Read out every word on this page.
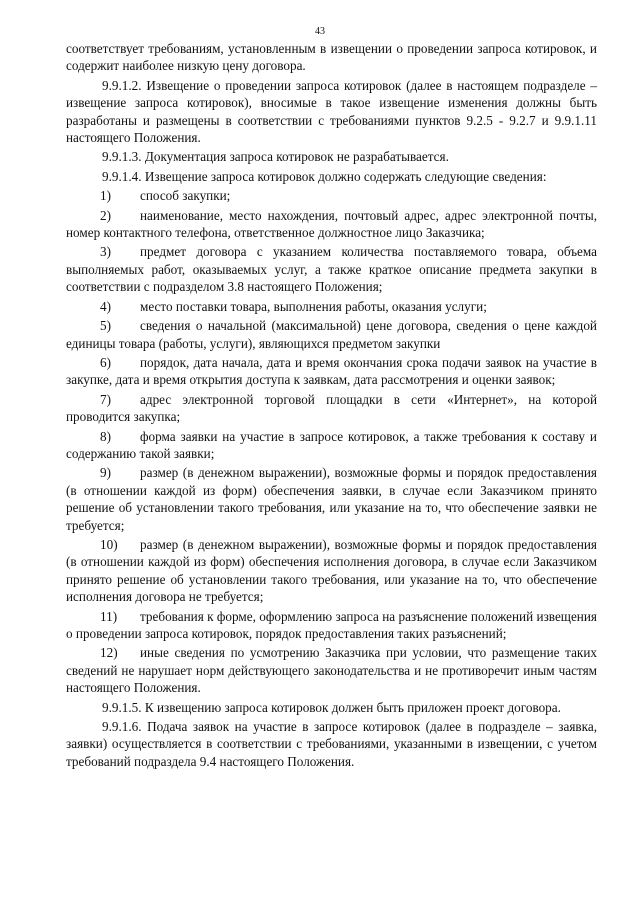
43

соответствует требованиям, установленным в извещении о проведении запроса котировок, и содержит наиболее низкую цену договора.

9.9.1.2. Извещение о проведении запроса котировок (далее в настоящем подразделе – извещение запроса котировок), вносимые в такое извещение изменения должны быть разработаны и размещены в соответствии с требованиями пунктов 9.2.5 - 9.2.7 и 9.9.1.11 настоящего Положения.

9.9.1.3. Документация запроса котировок не разрабатывается.

9.9.1.4. Извещение запроса котировок должно содержать следующие сведения:

1) способ закупки;

2) наименование, место нахождения, почтовый адрес, адрес электронной почты, номер контактного телефона, ответственное должностное лицо Заказчика;

3) предмет договора с указанием количества поставляемого товара, объема выполняемых работ, оказываемых услуг, а также краткое описание предмета закупки в соответствии с подразделом 3.8 настоящего Положения;

4) место поставки товара, выполнения работы, оказания услуги;

5) сведения о начальной (максимальной) цене договора, сведения о цене каждой единицы товара (работы, услуги), являющихся предметом закупки

6) порядок, дата начала, дата и время окончания срока подачи заявок на участие в закупке, дата и время открытия доступа к заявкам, дата рассмотрения и оценки заявок;

7) адрес электронной торговой площадки в сети «Интернет», на которой проводится закупка;

8) форма заявки на участие в запросе котировок, а также требования к составу и содержанию такой заявки;

9) размер (в денежном выражении), возможные формы и порядок предоставления (в отношении каждой из форм) обеспечения заявки, в случае если Заказчиком принято решение об установлении такого требования, или указание на то, что обеспечение заявки не требуется;

10) размер (в денежном выражении), возможные формы и порядок предоставления (в отношении каждой из форм) обеспечения исполнения договора, в случае если Заказчиком принято решение об установлении такого требования, или указание на то, что обеспечение исполнения договора не требуется;

11) требования к форме, оформлению запроса на разъяснение положений извещения о проведении запроса котировок, порядок предоставления таких разъяснений;

12) иные сведения по усмотрению Заказчика при условии, что размещение таких сведений не нарушает норм действующего законодательства и не противоречит иным частям настоящего Положения.

9.9.1.5. К извещению запроса котировок должен быть приложен проект договора.

9.9.1.6. Подача заявок на участие в запросе котировок (далее в подразделе – заявка, заявки) осуществляется в соответствии с требованиями, указанными в извещении, с учетом требований подраздела 9.4 настоящего Положения.
